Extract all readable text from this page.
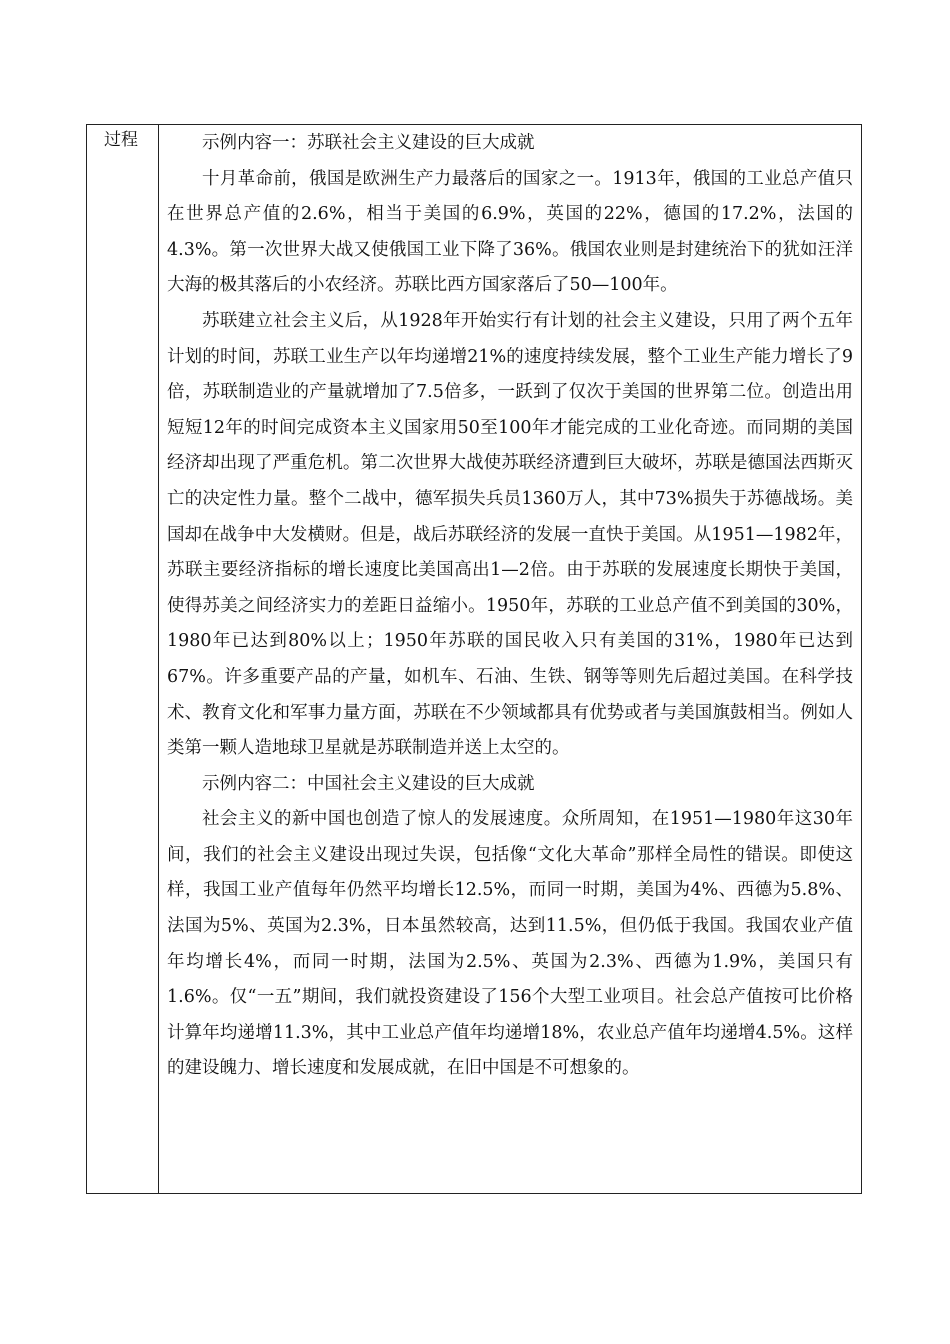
过程	示例内容一：苏联社会主义建设的巨大成就

十月革命前，俄国是欧洲生产力最落后的国家之一。1913年，俄国的工业总产值只在世界总产值的2.6%，相当于美国的6.9%，英国的22%，德国的17.2%，法国的4.3%。第一次世界大战又使俄国工业下降了36%。俄国农业则是封建统治下的犹如汪洋大海的极其落后的小农经济。苏联比西方国家落后了50—100年。

苏联建立社会主义后，从1928年开始实行有计划的社会主义建设，只用了两个五年计划的时间，苏联工业生产以年均递增21%的速度持续发展，整个工业生产能力增长了9倍，苏联制造业的产量就增加了7.5倍多，一跃到了仅次于美国的世界第二位。创造出用短短12年的时间完成资本主义国家用50至100年才能完成的工业化奇迹。而同期的美国经济却出现了严重危机。第二次世界大战使苏联经济遭到巨大破坏，苏联是德国法西斯灭亡的决定性力量。整个二战中，德军损失兵员1360万人，其中73%损失于苏德战场。美国却在战争中大发横财。但是，战后苏联经济的发展一直快于美国。从1951—1982年，苏联主要经济指标的增长速度比美国高出1—2倍。由于苏联的发展速度长期快于美国，使得苏美之间经济实力的差距日益缩小。1950年，苏联的工业总产值不到美国的30%，1980年已达到80%以上；1950年苏联的国民收入只有美国的31%，1980年已达到67%。许多重要产品的产量，如机车、石油、生铁、钢等等则先后超过美国。在科学技术、教育文化和军事力量方面，苏联在不少领域都具有优势或者与美国旗鼓相当。例如人类第一颗人造地球卫星就是苏联制造并送上太空的。

示例内容二：中国社会主义建设的巨大成就

社会主义的新中国也创造了惊人的发展速度。众所周知，在1951—1980年这30年间，我们的社会主义建设出现过失误，包括像“文化大革命”那样全局性的错误。即使这样，我国工业产值每年仍然平均增长12.5%，而同一时期，美国为4%、西德为5.8%、法国为5%、英国为2.3%，日本虽然较高，达到11.5%，但仍低于我国。我国农业产值年均增长4%，而同一时期，法国为2.5%、英国为2.3%、西德为1.9%，美国只有1.6%。仅“一五”期间，我们就投资建设了156个大型工业项目。社会总产值按可比价格计算年均递增11.3%，其中工业总产值年均递增18%，农业总产值年均递增4.5%。这样的建设魄力、增长速度和发展成就，在旧中国是不可想象的。
